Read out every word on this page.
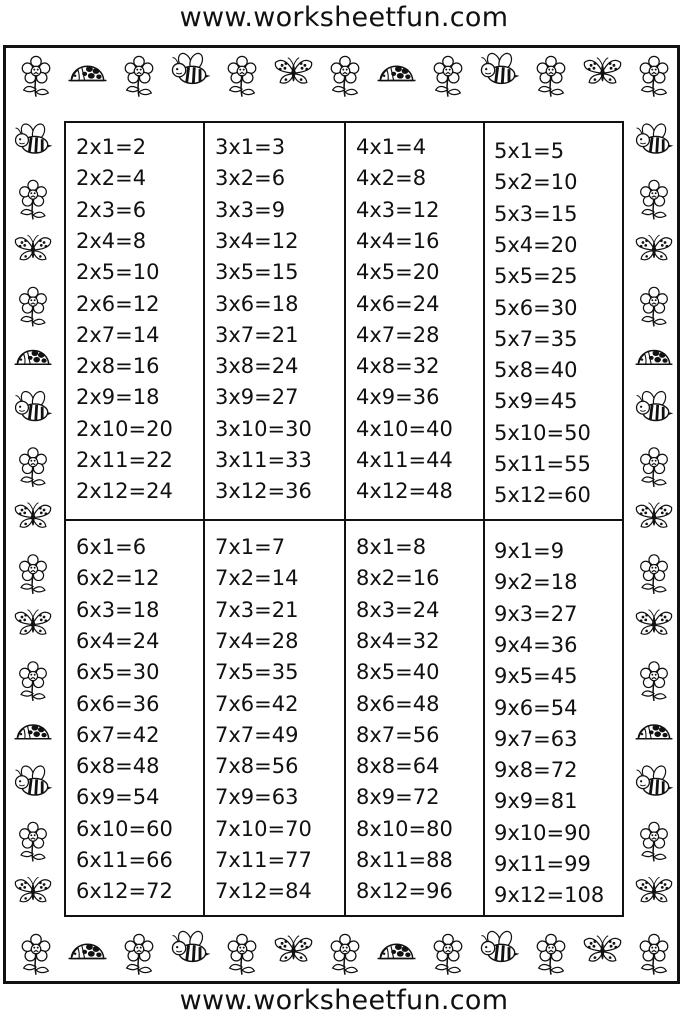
www.worksheetfun.com
2x1=2
2x2=4
2x3=6
2x4=8
2x5=10
2x6=12
2x7=14
2x8=16
2x9=18
2x10=20
2x11=22
2x12=24
3x1=3
3x2=6
3x3=9
3x4=12
3x5=15
3x6=18
3x7=21
3x8=24
3x9=27
3x10=30
3x11=33
3x12=36
4x1=4
4x2=8
4x3=12
4x4=16
4x5=20
4x6=24
4x7=28
4x8=32
4x9=36
4x10=40
4x11=44
4x12=48
5x1=5
5x2=10
5x3=15
5x4=20
5x5=25
5x6=30
5x7=35
5x8=40
5x9=45
5x10=50
5x11=55
5x12=60
6x1=6
6x2=12
6x3=18
6x4=24
6x5=30
6x6=36
6x7=42
6x8=48
6x9=54
6x10=60
6x11=66
6x12=72
7x1=7
7x2=14
7x3=21
7x4=28
7x5=35
7x6=42
7x7=49
7x8=56
7x9=63
7x10=70
7x11=77
7x12=84
8x1=8
8x2=16
8x3=24
8x4=32
8x5=40
8x6=48
8x7=56
8x8=64
8x9=72
8x10=80
8x11=88
8x12=96
9x1=9
9x2=18
9x3=27
9x4=36
9x5=45
9x6=54
9x7=63
9x8=72
9x9=81
9x10=90
9x11=99
9x12=108
www.worksheetfun.com
